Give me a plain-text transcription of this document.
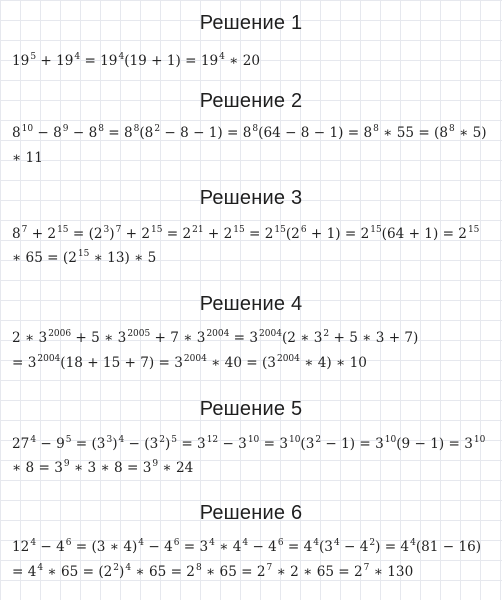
Решение 1
$19^5 + 19^4 = 19^4(19 + 1) = 19^4$ ∗ 20
Решение 2
$8^{10} - 8^9 - 8^8 = 8^8(8^2 - 8 - 1) = 8^8(64 - 8 - 1) = 8^8$ ∗ $55 = (8^8$ ∗ 5)
∗ 11
Решение 3
$8^7 + 2^{15} = (2^3)^7 + 2^{15} = 2^{21} + 2^{15} = 2^{15}(2^6 + 1) = 2^{15}(64 + 1) = 2^{15}$
∗ $65 = (2^{15}$ ∗ 13) ∗ 5
Решение 4
2 ∗ $3^{2006} + 5$ ∗ $3^{2005} + 7$ ∗ $3^{2004} = 3^{2004}(2$ ∗ $3^2 + 5$ ∗ 3 + 7)
= $3^{2004}(18 + 15 + 7) = 3^{2004}$ ∗ $40 = (3^{2004}$ ∗ 4) ∗ 10
Решение 5
$27^4 - 9^5 = (3^3)^4 - (3^2)^5 = 3^{12} - 3^{10} = 3^{10}(3^2 - 1) = 3^{10}(9 - 1) = 3^{10}$
∗ $8 = 3^9$ ∗ 3 ∗ $8 = 3^9$ ∗ 24
Решение 6
$12^4 - 4^6 = (3$ ∗ $4)^4 - 4^6 = 3^4$ ∗ $4^4 - 4^6 = 4^4(3^4 - 4^2) = 4^4(81 - 16)$
= $4^4$ ∗ $65 = (2^2)^4$ ∗ $65 = 2^8$ ∗ $65 = 2^7$ ∗ 2 ∗ $65 = 2^7$ ∗ 130
